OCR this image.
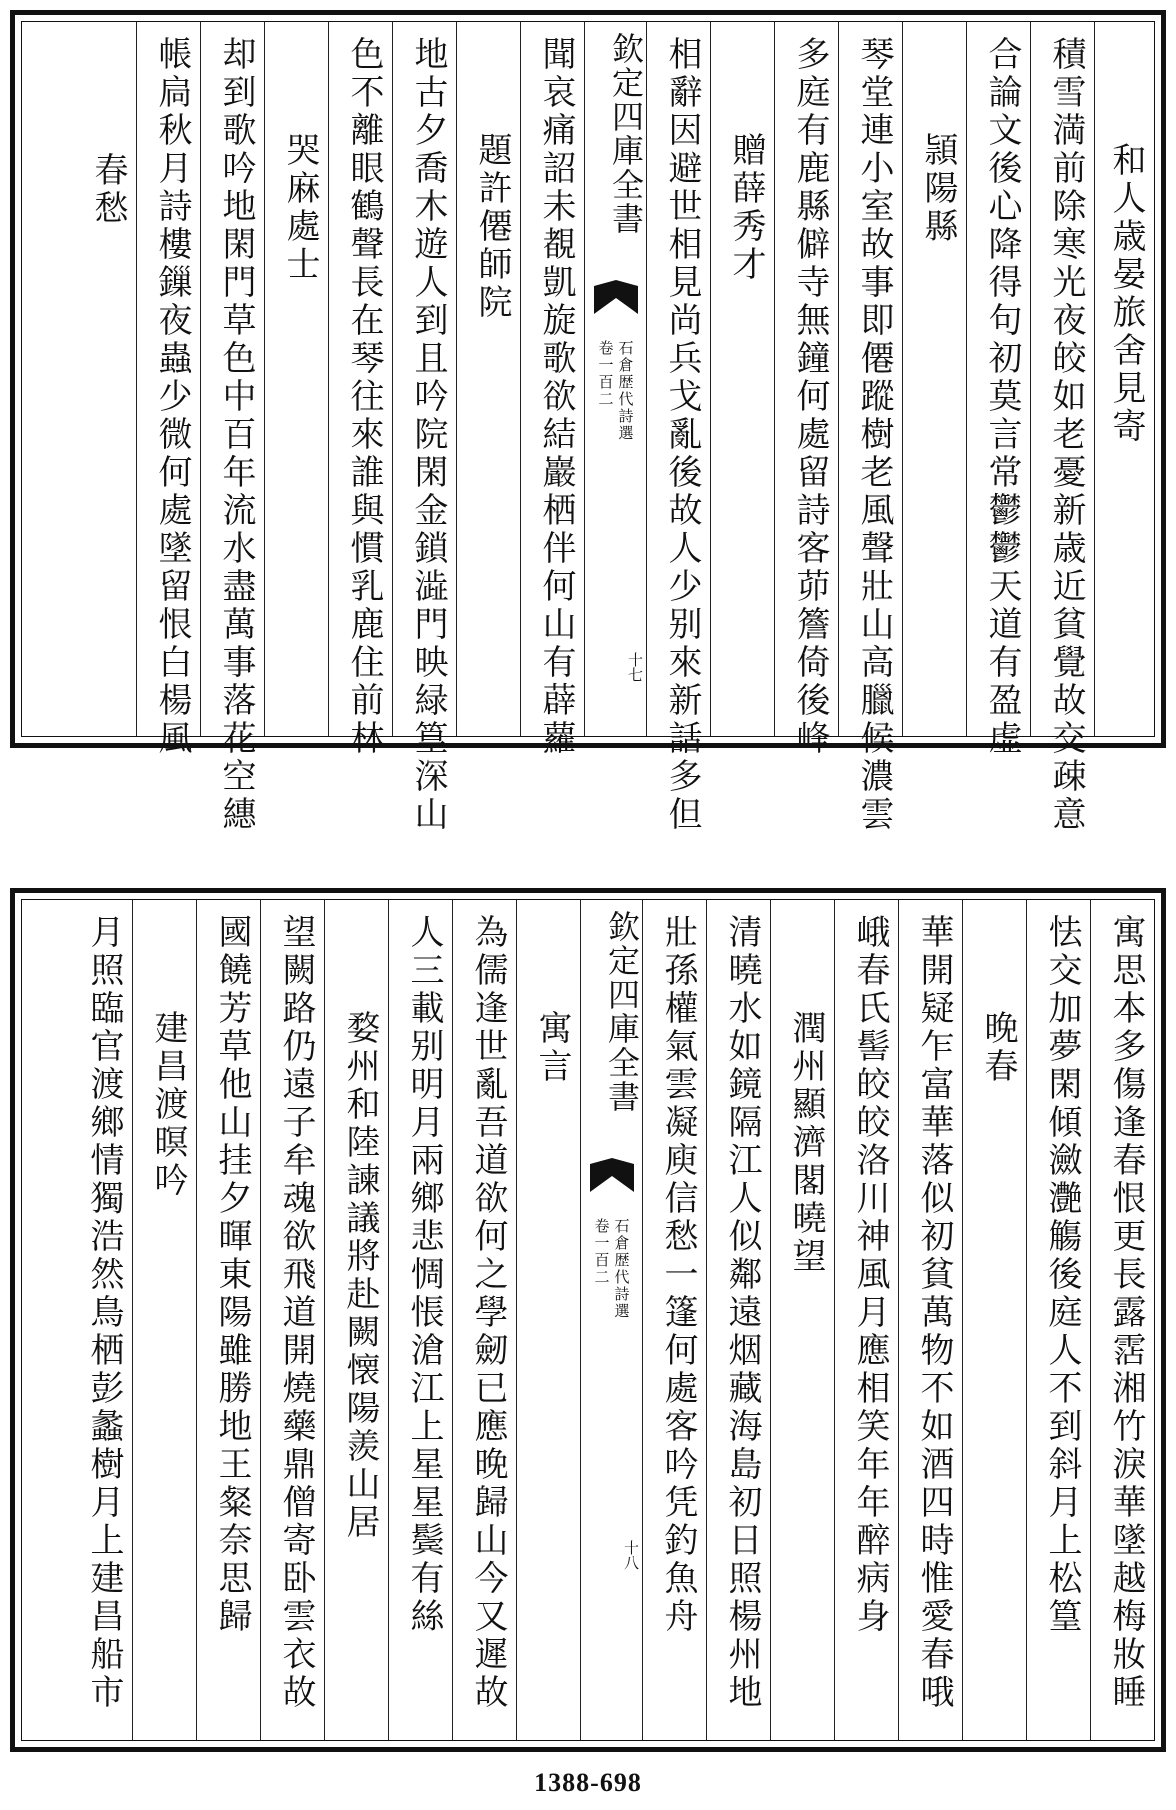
和人歳晏旅舍見寄
積雪満前除寒光夜皎如老憂新歳近貧覺故交疎意
合論文後心降得句初莫言常鬱鬱天道有盈虚
頴陽縣
琴堂連小室故事即僊蹤樹老風聲壯山高臘候濃雲
多庭有鹿縣僻寺無鐘何處留詩客茆簷倚後峰
贈薛秀才
相辭因避世相見尚兵戈亂後故人少别來新話多但
欽定四庫全書
石倉歴代詩選
卷一百二
十七
聞哀痛詔未覩凱旋歌欲結巖栖伴何山有薜蘿
題許僊師院
地古夕喬木遊人到且吟院閑金鎖澁門映緑篁深山
色不離眼鶴聲長在琴往來誰與慣乳鹿住前林
哭麻處士
却到歌吟地閑門草色中百年流水盡萬事落花空繐
帳扃秋月詩樓鏁夜蟲少微何處墜留恨白楊風
春愁
寓思本多傷逢春恨更長露霑湘竹淚華墜越梅妝睡
怯交加夢閑傾瀲灔觴後庭人不到斜月上松篁
晚春
華開疑乍富華落似初貧萬物不如酒四時惟愛春哦
峨春氏髻皎皎洛川神風月應相笑年年醉病身
潤州顯濟閣曉望
清曉水如鏡隔江人似鄰遠烟藏海島初日照楊州地
壯孫權氣雲凝庾信愁一篷何處客吟凭釣魚舟
欽定四庫全書
石倉歴代詩選
卷一百二
十八
寓言
為儒逢世亂吾道欲何之學劒已應晚歸山今又遲故
人三載别明月兩鄉悲惆悵滄江上星星鬓有絲
婺州和陸諫議將赴闕懐陽羨山居
望闕路仍遠子牟魂欲飛道開燒藥鼎僧寄卧雲衣故
國饒芳草他山挂夕暉東陽雖勝地王粲奈思歸
建昌渡暝吟
月照臨官渡鄉情獨浩然鳥栖彭蠡樹月上建昌船市
1388-698
